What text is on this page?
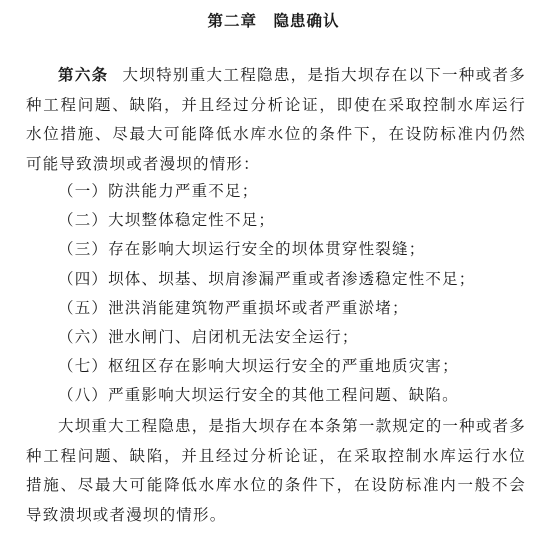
第二章　隐患确认
第六条 大坝特别重大工程隐患，是指大坝存在以下一种或者多种工程问题、缺陷，并且经过分析论证，即使在采取控制水库运行水位措施、尽最大可能降低水库水位的条件下，在设防标准内仍然可能导致溃坝或者漫坝的情形：
（一）防洪能力严重不足；
（二）大坝整体稳定性不足；
（三）存在影响大坝运行安全的坝体贯穿性裂缝；
（四）坝体、坝基、坝肩渗漏严重或者渗透稳定性不足；
（五）泄洪消能建筑物严重损坏或者严重淤堵；
（六）泄水闸门、启闭机无法安全运行；
（七）枢纽区存在影响大坝运行安全的严重地质灾害；
（八）严重影响大坝运行安全的其他工程问题、缺陷。
大坝重大工程隐患，是指大坝存在本条第一款规定的一种或者多种工程问题、缺陷，并且经过分析论证，在采取控制水库运行水位措施、尽最大可能降低水库水位的条件下，在设防标准内一般不会导致溃坝或者漫坝的情形。
